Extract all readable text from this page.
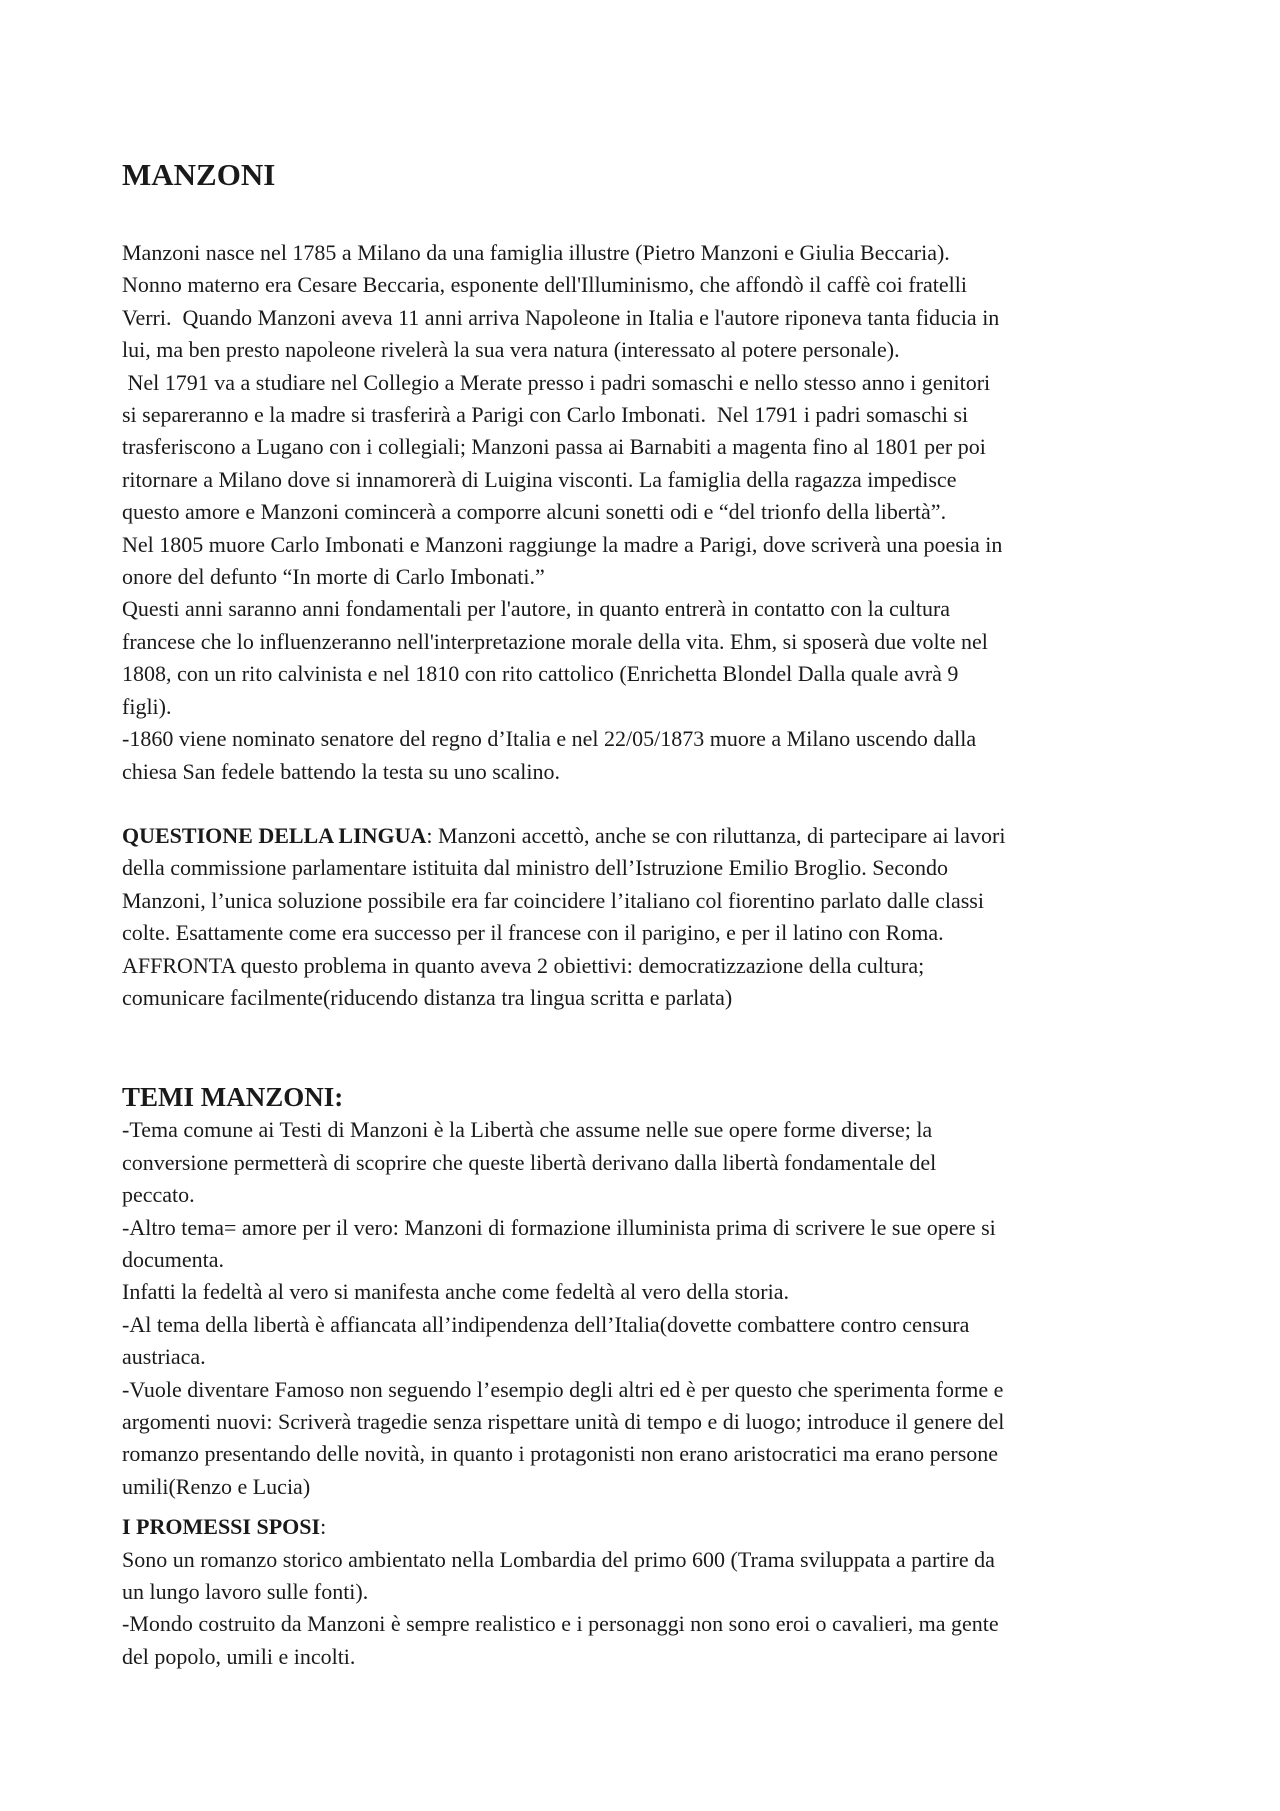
MANZONI
Manzoni nasce nel 1785 a Milano da una famiglia illustre (Pietro Manzoni e Giulia Beccaria).
Nonno materno era Cesare Beccaria, esponente dell'Illuminismo, che affondò il caffè coi fratelli
Verri.  Quando Manzoni aveva 11 anni arriva Napoleone in Italia e l'autore riponeva tanta fiducia in
lui, ma ben presto napoleone rivelerà la sua vera natura (interessato al potere personale).
Nel 1791 va a studiare nel Collegio a Merate presso i padri somaschi e nello stesso anno i genitori
si separeranno e la madre si trasferirà a Parigi con Carlo Imbonati.  Nel 1791 i padri somaschi si
trasferiscono a Lugano con i collegiali; Manzoni passa ai Barnabiti a magenta fino al 1801 per poi
ritornare a Milano dove si innamorerà di Luigina visconti. La famiglia della ragazza impedisce
questo amore e Manzoni comincerà a comporre alcuni sonetti odi e “del trionfo della libertà”.
Nel 1805 muore Carlo Imbonati e Manzoni raggiunge la madre a Parigi, dove scriverà una poesia in
onore del defunto “In morte di Carlo Imbonati.”
Questi anni saranno anni fondamentali per l'autore, in quanto entrerà in contatto con la cultura
francese che lo influenzeranno nell'interpretazione morale della vita. Ehm, si sposerà due volte nel
1808, con un rito calvinista e nel 1810 con rito cattolico (Enrichetta Blondel Dalla quale avrà 9
figli).
-1860 viene nominato senatore del regno d’Italia e nel 22/05/1873 muore a Milano uscendo dalla
chiesa San fedele battendo la testa su uno scalino.
QUESTIONE DELLA LINGUA: Manzoni accettò, anche se con riluttanza, di partecipare ai lavori
della commissione parlamentare istituita dal ministro dell’Istruzione Emilio Broglio. Secondo
Manzoni, l’unica soluzione possibile era far coincidere l’italiano col fiorentino parlato dalle classi
colte. Esattamente come era successo per il francese con il parigino, e per il latino con Roma.
AFFRONTA questo problema in quanto aveva 2 obiettivi: democratizzazione della cultura;
comunicare facilmente(riducendo distanza tra lingua scritta e parlata)
TEMI MANZONI:
-Tema comune ai Testi di Manzoni è la Libertà che assume nelle sue opere forme diverse; la
conversione permetterà di scoprire che queste libertà derivano dalla libertà fondamentale del
peccato.
-Altro tema= amore per il vero: Manzoni di formazione illuminista prima di scrivere le sue opere si
documenta.
Infatti la fedeltà al vero si manifesta anche come fedeltà al vero della storia.
-Al tema della libertà è affiancata all’indipendenza dell’Italia(dovette combattere contro censura
austriaca.
-Vuole diventare Famoso non seguendo l’esempio degli altri ed è per questo che sperimenta forme e
argomenti nuovi: Scriverà tragedie senza rispettare unità di tempo e di luogo; introduce il genere del
romanzo presentando delle novità, in quanto i protagonisti non erano aristocratici ma erano persone
umili(Renzo e Lucia)
I PROMESSI SPOSI:
Sono un romanzo storico ambientato nella Lombardia del primo 600 (Trama sviluppata a partire da
un lungo lavoro sulle fonti).
-Mondo costruito da Manzoni è sempre realistico e i personaggi non sono eroi o cavalieri, ma gente
del popolo, umili e incolti.
